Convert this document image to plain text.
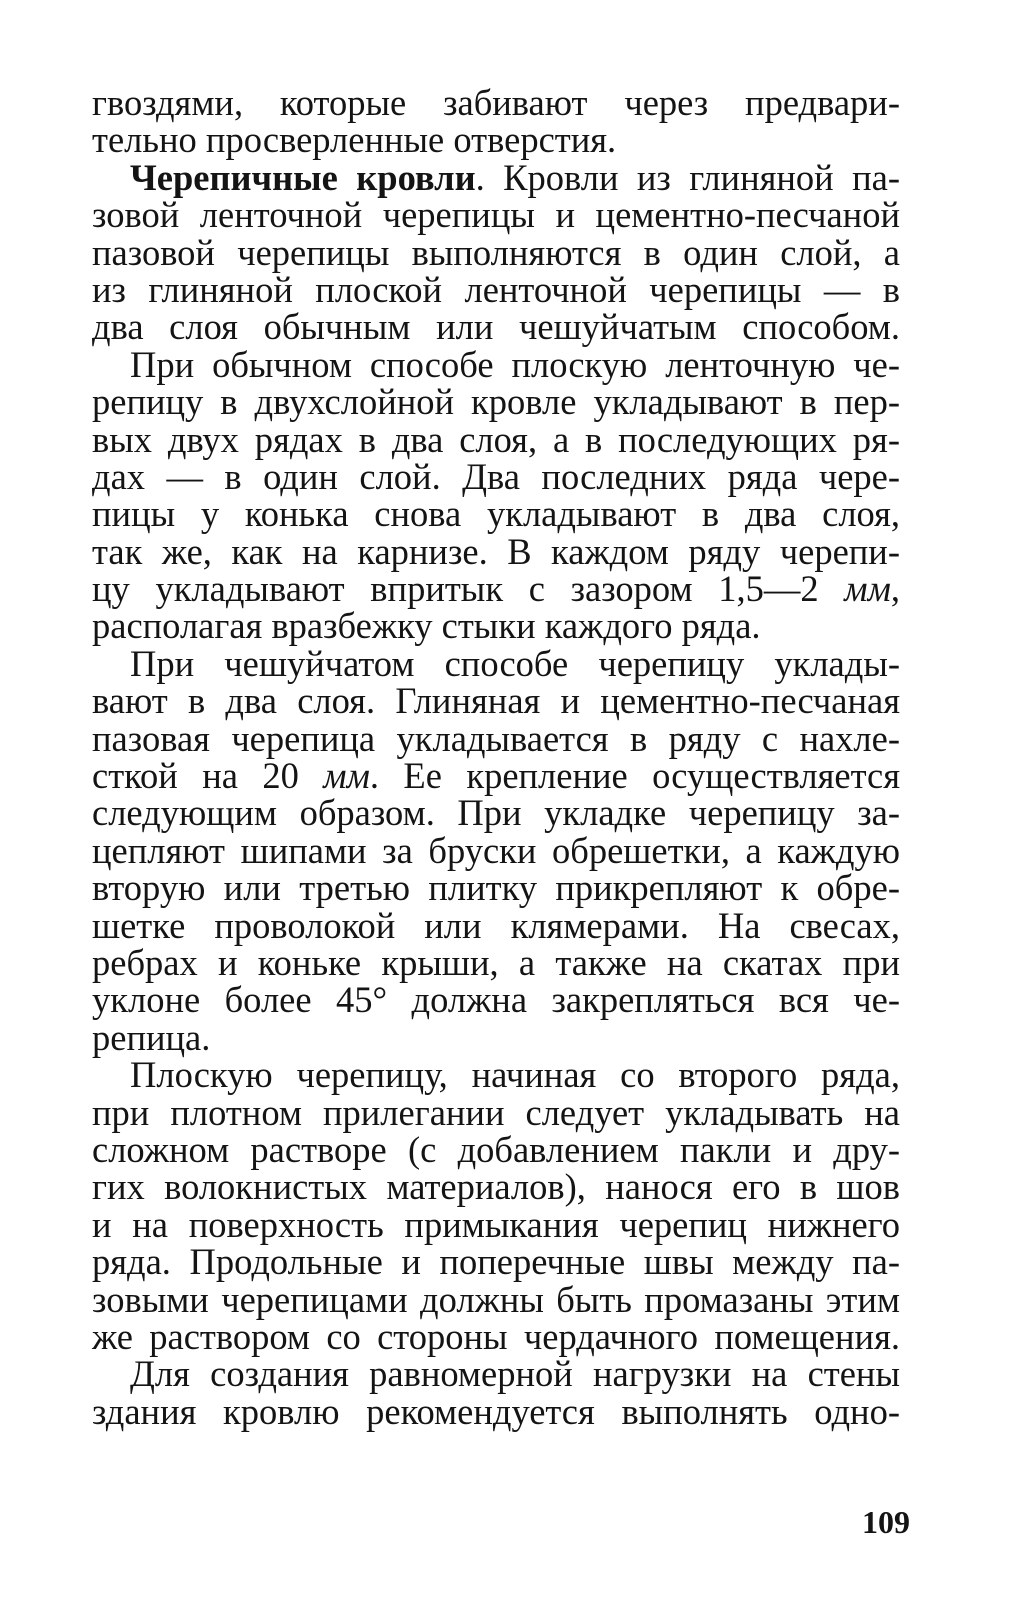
гвоздями, которые забивают через предвари-
тельно просверленные отверстия.
Черепичные кровли. Кровли из глиняной па-
зовой ленточной черепицы и цементно-песчаной
пазовой черепицы выполняются в один слой, а
из глиняной плоской ленточной черепицы — в
два слоя обычным или чешуйчатым способом.
При обычном способе плоскую ленточную че-
репицу в двухслойной кровле укладывают в пер-
вых двух рядах в два слоя, а в последующих ря-
дах — в один слой. Два последних ряда чере-
пицы у конька снова укладывают в два слоя,
так же, как на карнизе. В каждом ряду черепи-
цу укладывают впритык с зазором 1,5—2 мм,
располагая вразбежку стыки каждого ряда.
При чешуйчатом способе черепицу уклады-
вают в два слоя. Глиняная и цементно-песчаная
пазовая черепица укладывается в ряду с нахле-
сткой на 20 мм. Ее крепление осуществляется
следующим образом. При укладке черепицу за-
цепляют шипами за бруски обрешетки, а каждую
вторую или третью плитку прикрепляют к обре-
шетке проволокой или клямерами. На свесах,
ребрах и коньке крыши, а также на скатах при
уклоне более 45° должна закрепляться вся че-
репица.
Плоскую черепицу, начиная со второго ряда,
при плотном прилегании следует укладывать на
сложном растворе (с добавлением пакли и дру-
гих волокнистых материалов), нанося его в шов
и на поверхность примыкания черепиц нижнего
ряда. Продольные и поперечные швы между па-
зовыми черепицами должны быть промазаны этим
же раствором со стороны чердачного помещения.
Для создания равномерной нагрузки на стены
здания кровлю рекомендуется выполнять одно-
109
